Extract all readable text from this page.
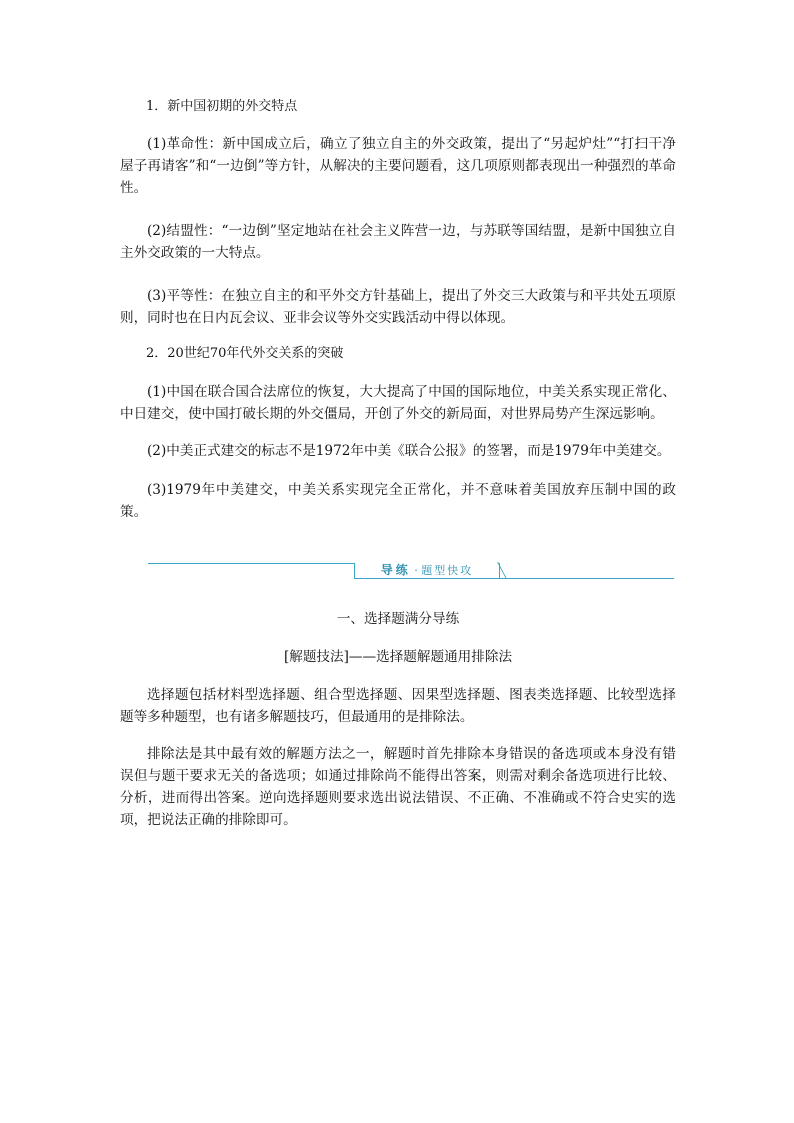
1．新中国初期的外交特点

(1)革命性：新中国成立后，确立了独立自主的外交政策，提出了“另起炉灶”“打扫干净屋子再请客”和“一边倒”等方针，从解决的主要问题看，这几项原则都表现出一种强烈的革命性。

(2)结盟性：“一边倒”坚定地站在社会主义阵营一边，与苏联等国结盟，是新中国独立自主外交政策的一大特点。

(3)平等性：在独立自主的和平外交方针基础上，提出了外交三大政策与和平共处五项原则，同时也在日内瓦会议、亚非会议等外交实践活动中得以体现。

2．20世纪70年代外交关系的突破

(1)中国在联合国合法席位的恢复，大大提高了中国的国际地位，中美关系实现正常化、中日建交，使中国打破长期的外交僵局，开创了外交的新局面，对世界局势产生深远影响。

(2)中美正式建交的标志不是1972年中美《联合公报》的签署，而是1979年中美建交。

(3)1979年中美建交，中美关系实现完全正常化，并不意味着美国放弃压制中国的政策。

导练 · 题型快攻
一、选择题满分导练
[解题技法]——选择题解题通用排除法

选择题包括材料型选择题、组合型选择题、因果型选择题、图表类选择题、比较型选择题等多种题型，也有诸多解题技巧，但最通用的是排除法。

排除法是其中最有效的解题方法之一，解题时首先排除本身错误的备选项或本身没有错误但与题干要求无关的备选项；如通过排除尚不能得出答案，则需对剩余备选项进行比较、分析，进而得出答案。逆向选择题则要求选出说法错误、不正确、不准确或不符合史实的选项，把说法正确的排除即可。
